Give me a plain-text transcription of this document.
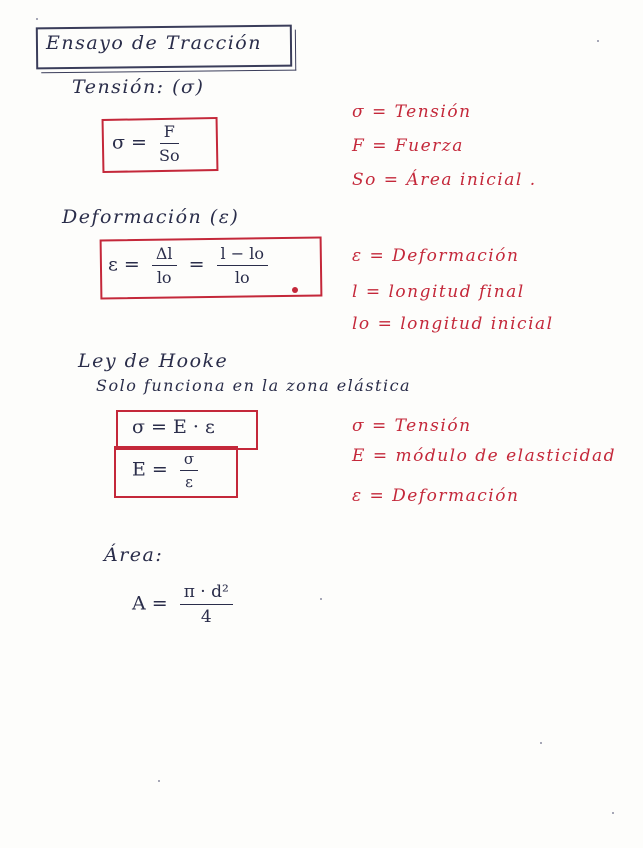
Ensayo de Tracción
Tensión: (σ)
$\sigma = \frac{F}{So}$
σ = Tensión
F = Fuerza
So = Área inicial .
Deformación (ε)
$\varepsilon = \frac{\Delta l}{lo} = \frac{l - lo}{lo}$	ε = Deformación
l = longitud final
lo = longitud inicial
Ley de Hooke
Solo funciona en la zona elástica
σ = E · ε
$E = \frac{\sigma}{\varepsilon}$
σ = Tensión
E = módulo de elasticidad
ε = Deformación
Área:
$A = \frac{\text{π · d²}}{4}$
